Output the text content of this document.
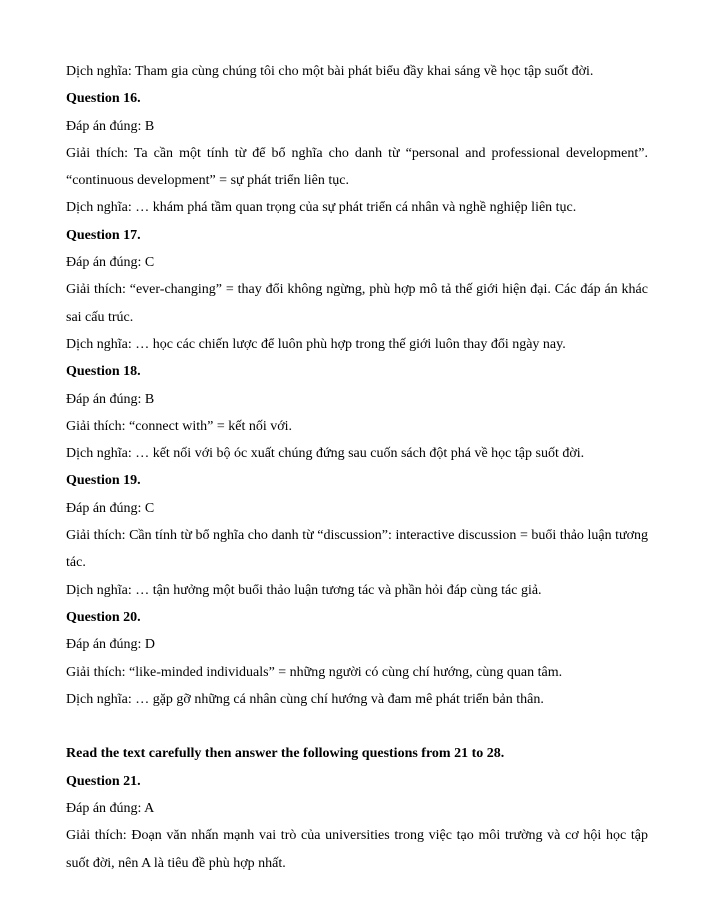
Dịch nghĩa: Tham gia cùng chúng tôi cho một bài phát biểu đầy khai sáng về học tập suốt đời.

Question 16.

Đáp án đúng: B

Giải thích: Ta cần một tính từ để bổ nghĩa cho danh từ “personal and professional development”. “continuous development” = sự phát triển liên tục.

Dịch nghĩa: … khám phá tầm quan trọng của sự phát triển cá nhân và nghề nghiệp liên tục.

Question 17.

Đáp án đúng: C

Giải thích: “ever-changing” = thay đổi không ngừng, phù hợp mô tả thế giới hiện đại. Các đáp án khác sai cấu trúc.

Dịch nghĩa: … học các chiến lược để luôn phù hợp trong thế giới luôn thay đổi ngày nay.

Question 18.

Đáp án đúng: B

Giải thích: “connect with” = kết nối với.

Dịch nghĩa: … kết nối với bộ óc xuất chúng đứng sau cuốn sách đột phá về học tập suốt đời.

Question 19.

Đáp án đúng: C

Giải thích: Cần tính từ bổ nghĩa cho danh từ “discussion”: interactive discussion = buổi thảo luận tương tác.

Dịch nghĩa: … tận hưởng một buổi thảo luận tương tác và phần hỏi đáp cùng tác giả.

Question 20.

Đáp án đúng: D

Giải thích: “like-minded individuals” = những người có cùng chí hướng, cùng quan tâm.

Dịch nghĩa: … gặp gỡ những cá nhân cùng chí hướng và đam mê phát triển bản thân.

Read the text carefully then answer the following questions from 21 to 28.

Question 21.

Đáp án đúng: A

Giải thích: Đoạn văn nhấn mạnh vai trò của universities trong việc tạo môi trường và cơ hội học tập suốt đời, nên A là tiêu đề phù hợp nhất.
